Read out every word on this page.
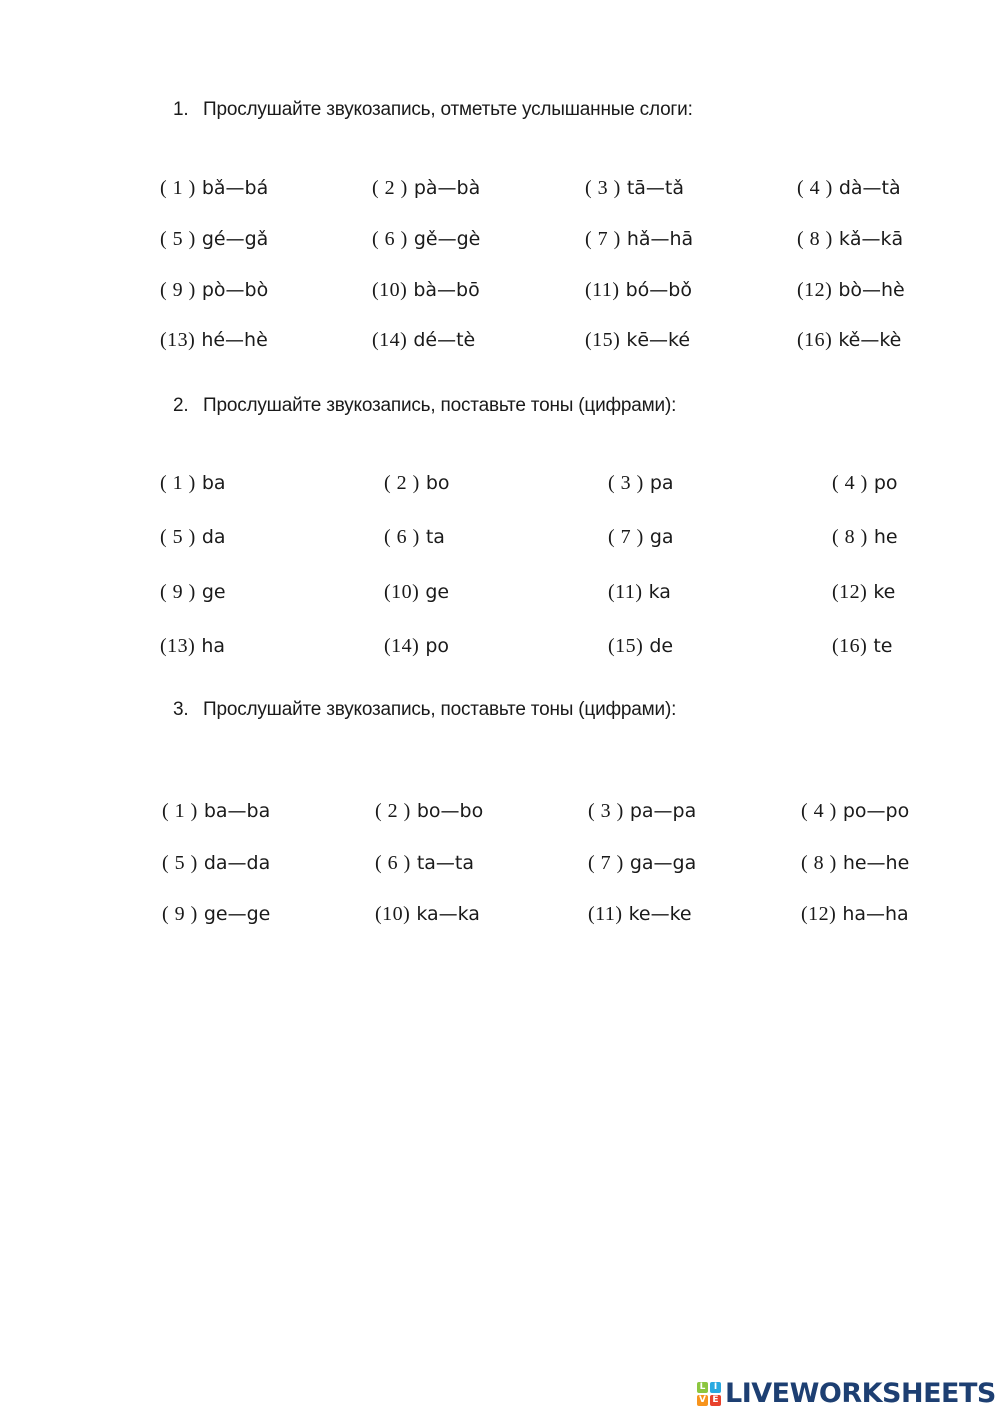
1. Прослушайте звукозапись, отметьте услышанные слоги:
( 1 ) bǎ—bá	( 2 ) pà—bà	( 3 ) tā—tǎ	( 4 ) dà—tà
( 5 ) gé—gǎ	( 6 ) gě—gè	( 7 ) hǎ—hā	( 8 ) kǎ—kā
( 9 ) pò—bò	(10) bà—bō	(11) bó—bǒ	(12) bò—hè
(13) hé—hè	(14) dé—tè	(15) kē—ké	(16) kě—kè
2. Прослушайте звукозапись, поставьте тоны (цифрами):
( 1 ) ba	( 2 ) bo	( 3 ) pa	( 4 ) po
( 5 ) da	( 6 ) ta	( 7 ) ga	( 8 ) he
( 9 ) ge	(10) ge	(11) ka	(12) ke
(13) ha	(14) po	(15) de	(16) te
3. Прослушайте звукозапись, поставьте тоны (цифрами):
( 1 ) ba—ba	( 2 ) bo—bo	( 3 ) pa—pa	( 4 ) po—po
( 5 ) da—da	( 6 ) ta—ta	( 7 ) ga—ga	( 8 ) he—he
( 9 ) ge—ge	(10) ka—ka	(11) ke—ke	(12) ha—ha
L I
V E LIVEWORKSHEETS
